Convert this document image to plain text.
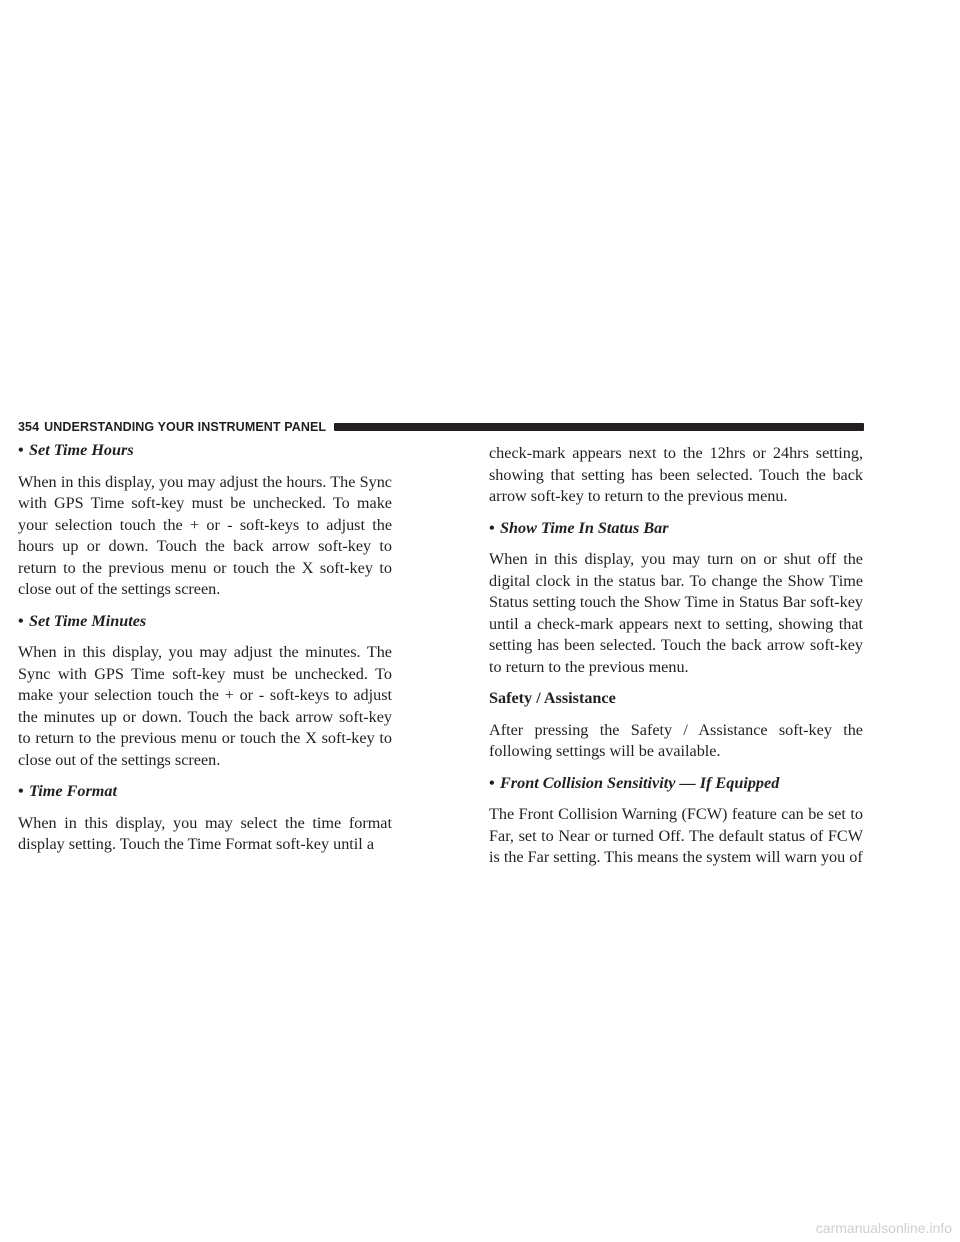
354 UNDERSTANDING YOUR INSTRUMENT PANEL
• Set Time Hours

When in this display, you may adjust the hours. The Sync with GPS Time soft-key must be unchecked. To make your selection touch the + or - soft-keys to adjust the hours up or down. Touch the back arrow soft-key to return to the previous menu or touch the X soft-key to close out of the settings screen.

• Set Time Minutes

When in this display, you may adjust the minutes. The Sync with GPS Time soft-key must be unchecked. To make your selection touch the + or - soft-keys to adjust the minutes up or down. Touch the back arrow soft-key to return to the previous menu or touch the X soft-key to close out of the settings screen.

• Time Format

When in this display, you may select the time format display setting. Touch the Time Format soft-key until a

check-mark appears next to the 12hrs or 24hrs setting, showing that setting has been selected. Touch the back arrow soft-key to return to the previous menu.

• Show Time In Status Bar

When in this display, you may turn on or shut off the digital clock in the status bar. To change the Show Time Status setting touch the Show Time in Status Bar soft-key until a check-mark appears next to setting, showing that setting has been selected. Touch the back arrow soft-key to return to the previous menu.

Safety / Assistance

After pressing the Safety / Assistance soft-key the following settings will be available.

• Front Collision Sensitivity — If Equipped

The Front Collision Warning (FCW) feature can be set to Far, set to Near or turned Off. The default status of FCW is the Far setting. This means the system will warn you of

carmanualsonline.info
